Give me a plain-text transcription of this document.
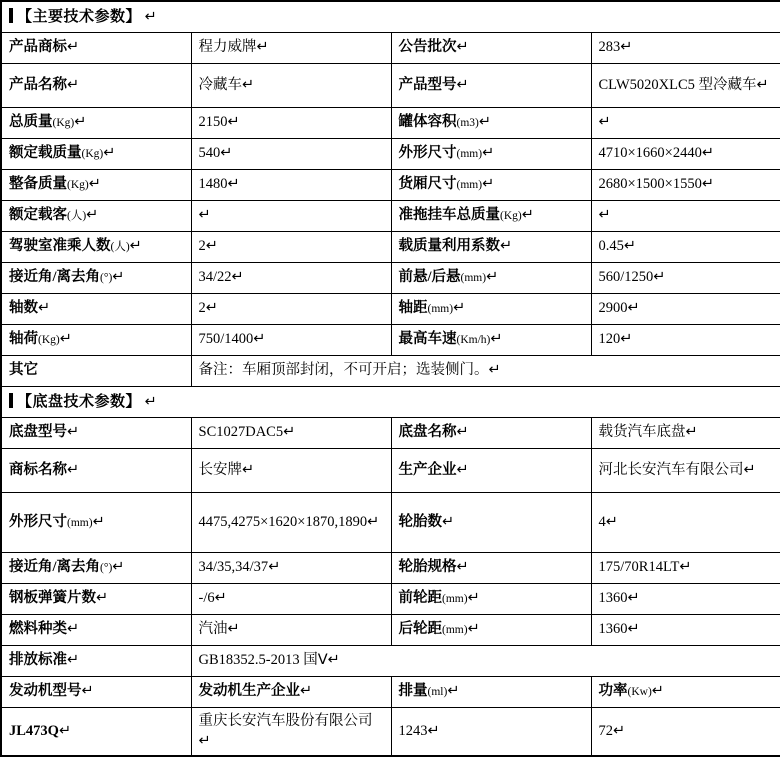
【主要技术参数】 ↵			
产品商标↵	程力威牌↵	公告批次↵	283↵
产品名称↵	冷藏车↵	产品型号↵	CLW5020XLC5 型冷藏车↵
总质量(Kg)↵	2150↵	罐体容积(m3)↵	↵
额定载质量(Kg)↵	540↵	外形尺寸(mm)↵	4710×1660×2440↵
整备质量(Kg)↵	1480↵	货厢尺寸(mm)↵	2680×1500×1550↵
额定载客(人)↵	↵	准拖挂车总质量(Kg)↵	↵
驾驶室准乘人数(人)↵	2↵	载质量利用系数↵	0.45↵
接近角/离去角(°)↵	34/22↵	前悬/后悬(mm)↵	560/1250↵
轴数↵	2↵	轴距(mm)↵	2900↵
轴荷(Kg)↵	750/1400↵	最高车速(Km/h)↵	120↵
其它	备注：车厢顶部封闭，不可开启；选装侧门。↵		
【底盘技术参数】 ↵			
底盘型号↵	SC1027DAC5↵	底盘名称↵	载货汽车底盘↵
商标名称↵	长安牌↵	生产企业↵	河北长安汽车有限公司↵
外形尺寸(mm)↵	4475,4275×1620×1870,1890↵	轮胎数↵	4↵
接近角/离去角(°)↵	34/35,34/37↵	轮胎规格↵	175/70R14LT↵
钢板弹簧片数↵	-/6↵	前轮距(mm)↵	1360↵
燃料种类↵	汽油↵	后轮距(mm)↵	1360↵
排放标准↵	GB18352.5-2013 国Ⅴ↵		
发动机型号↵	发动机生产企业↵	排量(ml)↵	功率(Kw)↵
JL473Q↵	重庆长安汽车股份有限公司↵	1243↵	72↵
